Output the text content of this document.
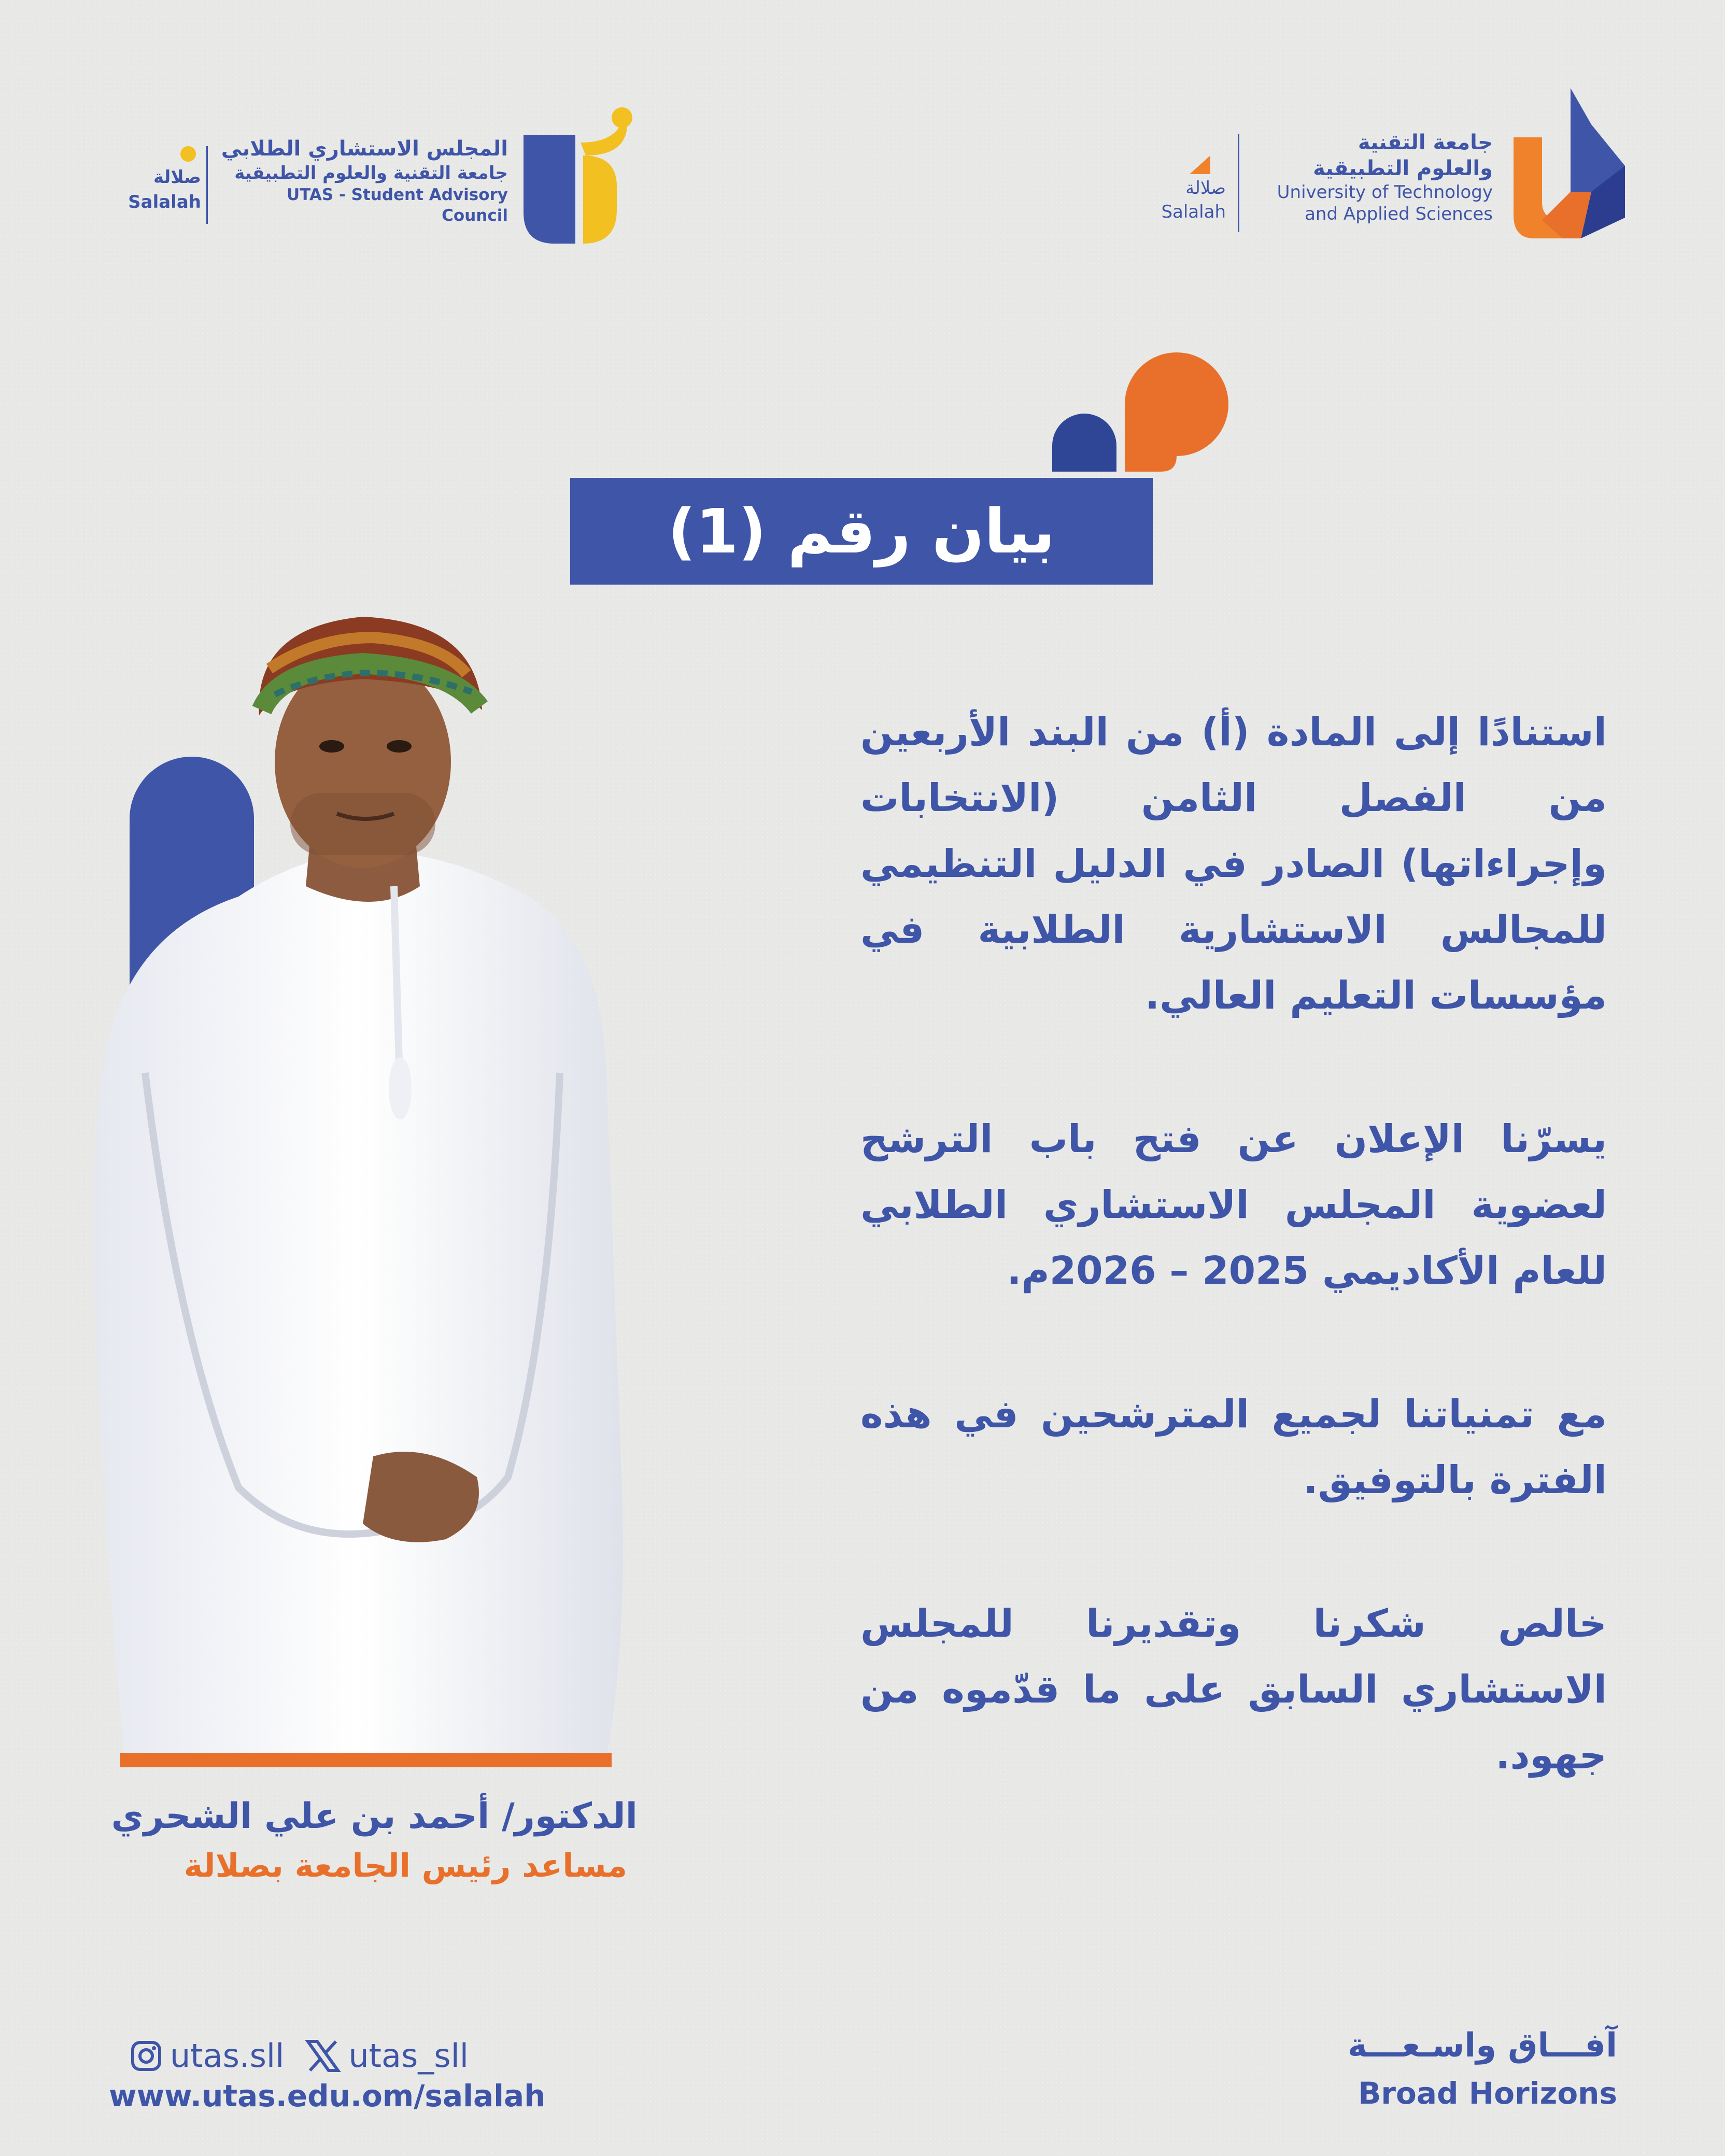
جامعة التقنية
والعلوم التطبيقية
University of Technology
and Applied Sciences
صلالة
Salalah
المجلس الاستشاري الطلابي
جامعة التقنية والعلوم التطبيقية
UTAS - Student Advisory Council
صلالة
Salalah
بيان رقم (1)

استنادًا إلى المادة (أ) من البند الأربعين من الفصل الثامن (الانتخابات وإجراءاتها) الصادر في الدليل التنظيمي للمجالس الاستشارية الطلابية في مؤسسات التعليم العالي.

يسرّنا الإعلان عن فتح باب الترشح لعضوية المجلس الاستشاري الطلابي للعام الأكاديمي 2025 – 2026م.

مع تمنياتنا لجميع المترشحين في هذه الفترة بالتوفيق.

خالص شكرنا وتقديرنا للمجلس الاستشاري السابق على ما قدّموه من جهود.

الدكتور/ أحمد بن علي الشحري
مساعد رئيس الجامعة بصلالة
utas.sll utas_sll
www.utas.edu.om/salalah
آفـــاق واسـعـــة
Broad Horizons
